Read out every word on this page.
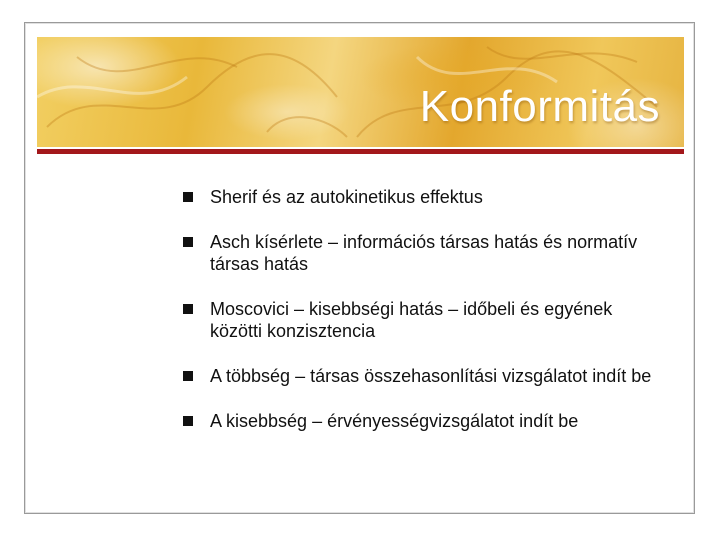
Konformitás
Sherif és az autokinetikus effektus
Asch kísérlete – információs társas hatás és normatív társas hatás
Moscovici – kisebbségi hatás – időbeli és egyének közötti konzisztencia
A többség – társas összehasonlítási vizsgálatot indít be
A kisebbség – érvényességvizsgálatot indít be
